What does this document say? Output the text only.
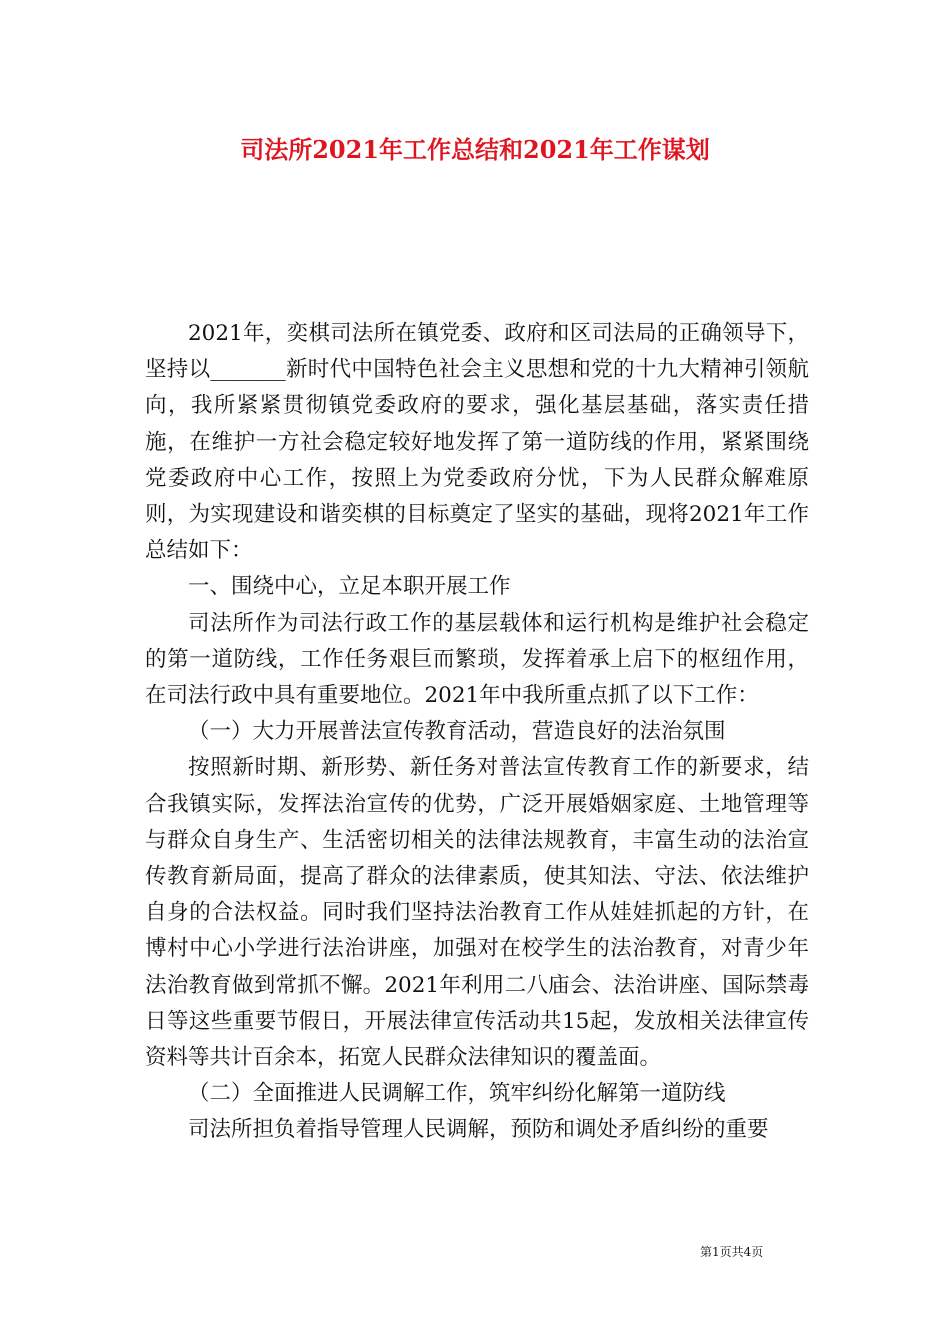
司法所2021年工作总结和2021年工作谋划

2021年，奕棋司法所在镇党委、政府和区司法局的正确领导下，坚持以_______新时代中国特色社会主义思想和党的十九大精神引领航向，我所紧紧贯彻镇党委政府的要求，强化基层基础，落实责任措施，在维护一方社会稳定较好地发挥了第一道防线的作用，紧紧围绕党委政府中心工作，按照上为党委政府分忧，下为人民群众解难原则，为实现建设和谐奕棋的目标奠定了坚实的基础，现将2021年工作总结如下：

一、围绕中心，立足本职开展工作

司法所作为司法行政工作的基层载体和运行机构是维护社会稳定的第一道防线，工作任务艰巨而繁琐，发挥着承上启下的枢纽作用，在司法行政中具有重要地位。2021年中我所重点抓了以下工作：

（一）大力开展普法宣传教育活动，营造良好的法治氛围

按照新时期、新形势、新任务对普法宣传教育工作的新要求，结合我镇实际，发挥法治宣传的优势，广泛开展婚姻家庭、土地管理等与群众自身生产、生活密切相关的法律法规教育，丰富生动的法治宣传教育新局面，提高了群众的法律素质，使其知法、守法、依法维护自身的合法权益。同时我们坚持法治教育工作从娃娃抓起的方针，在博村中心小学进行法治讲座，加强对在校学生的法治教育，对青少年法治教育做到常抓不懈。2021年利用二八庙会、法治讲座、国际禁毒日等这些重要节假日，开展法律宣传活动共15起，发放相关法律宣传资料等共计百余本，拓宽人民群众法律知识的覆盖面。

（二）全面推进人民调解工作，筑牢纠纷化解第一道防线

司法所担负着指导管理人民调解，预防和调处矛盾纠纷的重要

第1页共4页
